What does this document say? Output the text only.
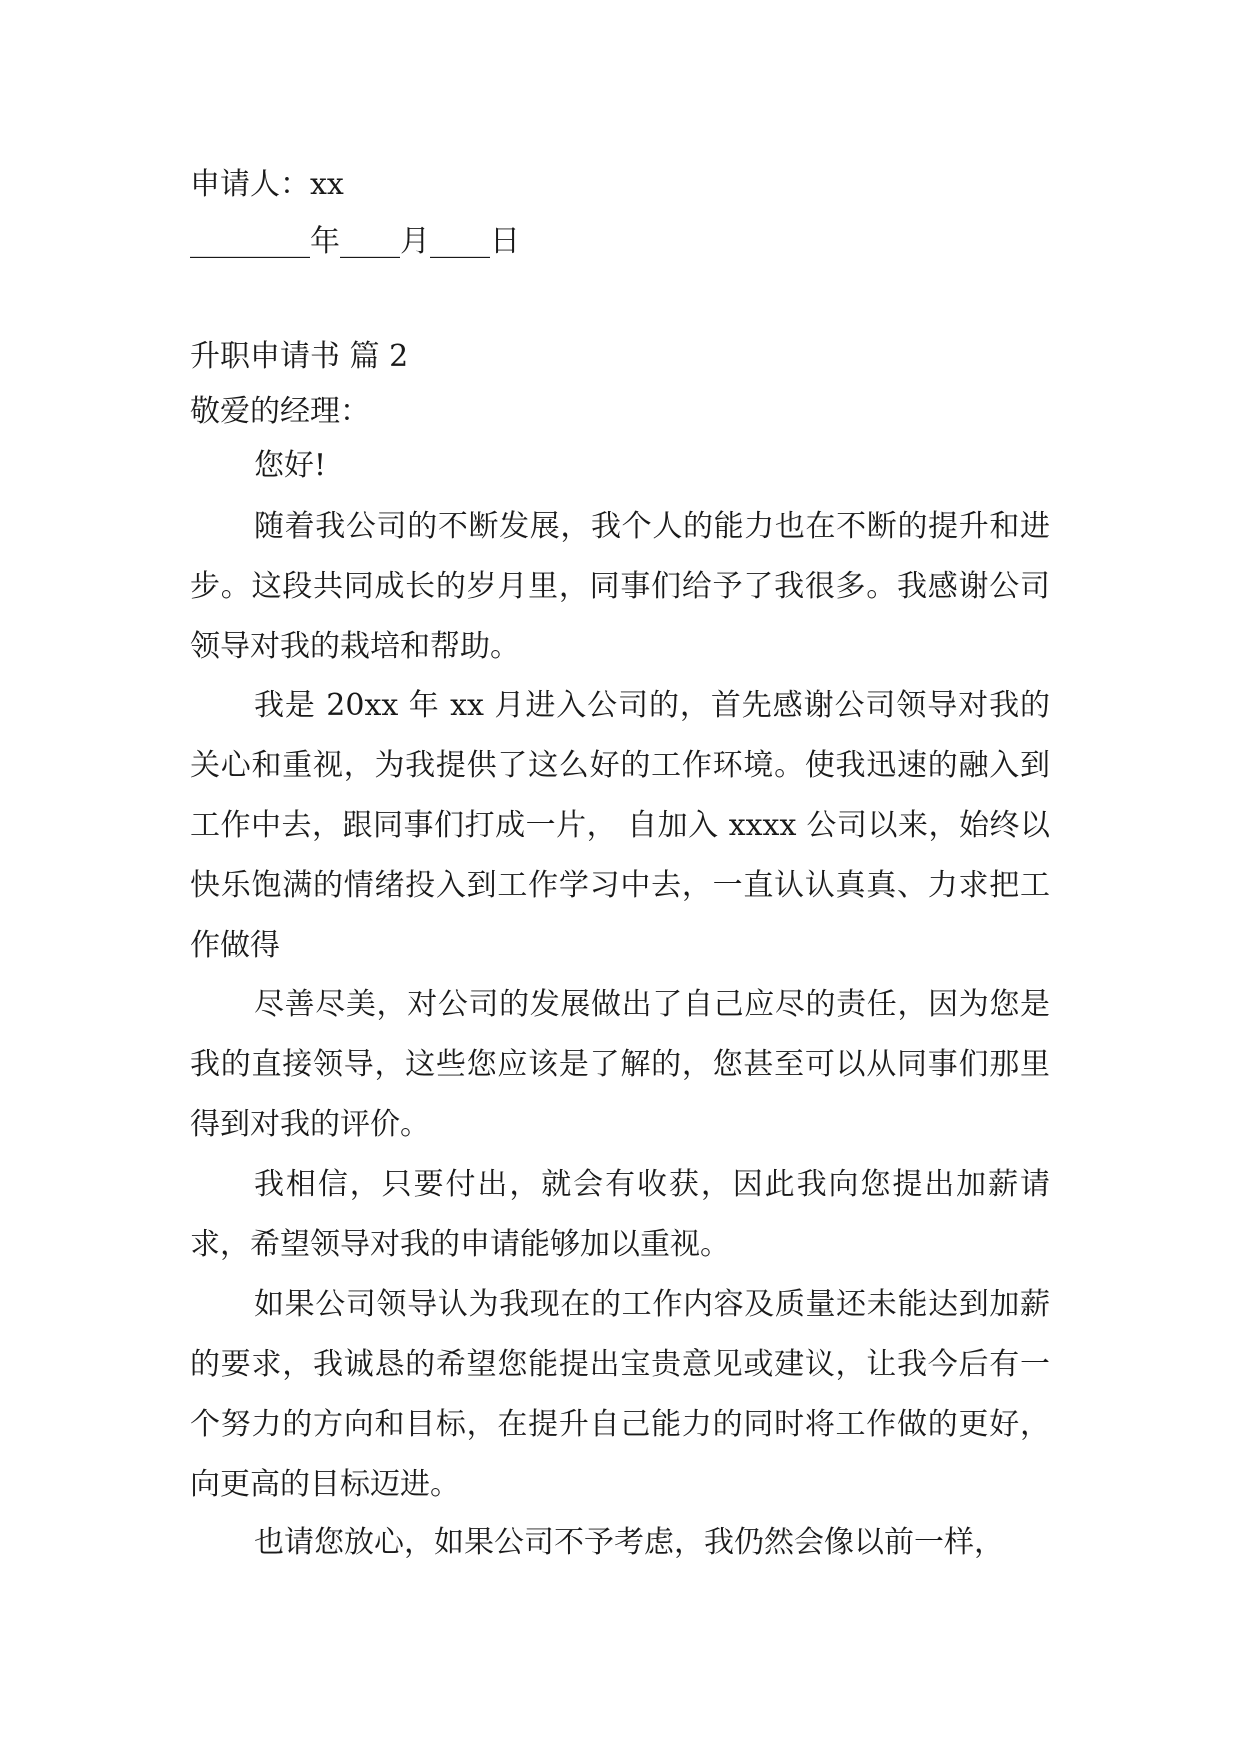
申请人：xx
________年____月____日
升职申请书 篇 2
敬爱的经理：
您好!

随着我公司的不断发展，我个人的能力也在不断的提升和进步。这段共同成长的岁月里，同事们给予了我很多。我感谢公司领导对我的栽培和帮助。

我是 20xx 年 xx 月进入公司的，首先感谢公司领导对我的关心和重视，为我提供了这么好的工作环境。使我迅速的融入到工作中去，跟同事们打成一片， 自加入 xxxx 公司以来，始终以快乐饱满的情绪投入到工作学习中去，一直认认真真、力求把工作做得

尽善尽美，对公司的发展做出了自己应尽的责任，因为您是 我的直接领导，这些您应该是了解的，您甚至可以从同事们那里得到对我的评价。

我相信，只要付出，就会有收获，因此我向您提出加薪请求，希望领导对我的申请能够加以重视。

如果公司领导认为我现在的工作内容及质量还未能达到加薪的要求，我诚恳的希望您能提出宝贵意见或建议，让我今后有一个努力的方向和目标，在提升自己能力的同时将工作做的更好，向更高的目标迈进。

也请您放心，如果公司不予考虑，我仍然会像以前一样，
